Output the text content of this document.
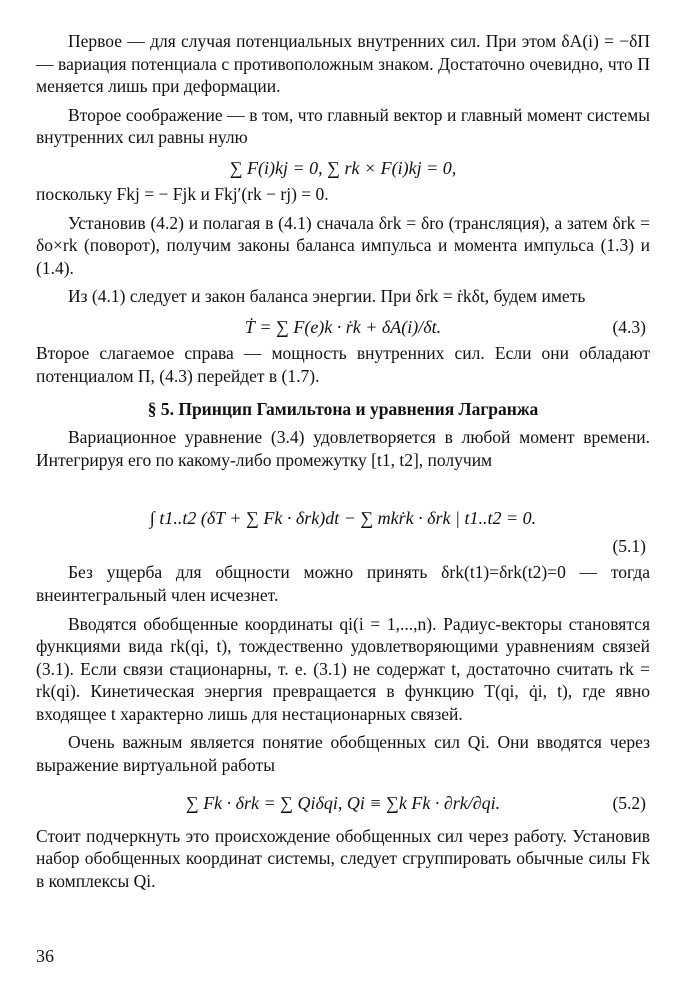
Первое — для случая потенциальных внутренних сил. При этом δA(i) = −δΠ — вариация потенциала с противоположным знаком. Достаточно очевидно, что Π меняется лишь при деформации.

Второе соображение — в том, что главный вектор и главный момент системы внутренних сил равны нулю

∑ F(i)kj = 0, ∑ rk × F(i)kj = 0,

поскольку Fkj = − Fjk и Fkj′(rk − rj) = 0.

Установив (4.2) и полагая в (4.1) сначала δrk = δro (трансляция), а затем δrk = δo×rk (поворот), получим законы баланса импульса и момента импульса (1.3) и (1.4).

Из (4.1) следует и закон баланса энергии. При δrk = ṙkδt, будем иметь

Ṫ = ∑ F(e)k · ṙk + δA(i)/δt.	(4.3)

Второе слагаемое справа — мощность внутренних сил. Если они обладают потенциалом Π, (4.3) перейдет в (1.7).

§ 5. Принцип Гамильтона и уравнения Лагранжа

Вариационное уравнение (3.4) удовлетворяется в любой момент времени. Интегрируя его по какому-либо промежутку [t1, t2], получим

∫ t1..t2 (δT + ∑ Fk · δrk)dt − ∑ mkṙk · δrk | t1..t2 = 0.
(5.1)

Без ущерба для общности можно принять δrk(t1)=δrk(t2)=0 — тогда внеинтегральный член исчезнет.

Вводятся обобщенные координаты qi(i = 1,...,n). Радиус-векторы становятся функциями вида rk(qi, t), тождественно удовлетворяющими уравнениям связей (3.1). Если связи стационарны, т. е. (3.1) не содержат t, достаточно считать rk = rk(qi). Кинетическая энергия превращается в функцию T(qi, q̇i, t), где явно входящее t характерно лишь для нестационарных связей.

Очень важным является понятие обобщенных сил Qi. Они вводятся через выражение виртуальной работы

∑ Fk · δrk = ∑ Qiδqi, Qi ≡ ∑k Fk · ∂rk/∂qi.	(5.2)

Стоит подчеркнуть это происхождение обобщенных сил через работу. Установив набор обобщенных координат системы, следует сгруппировать обычные силы Fk в комплексы Qi.

36
